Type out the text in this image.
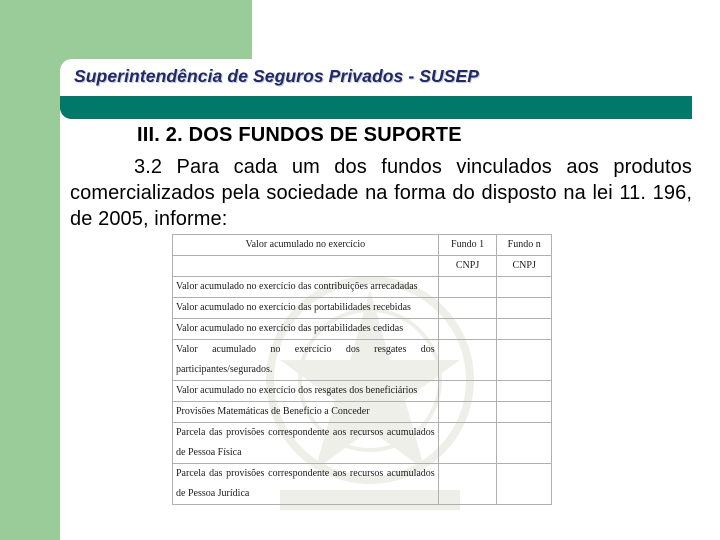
Superintendência de Seguros Privados - SUSEP
III. 2. DOS FUNDOS DE SUPORTE

3.2 Para cada um dos fundos vinculados aos produtos comercializados pela sociedade na forma do disposto na lei 11. 196, de 2005, informe:

Valor acumulado no exercício	Fundo 1	Fundo n
	CNPJ	CNPJ
Valor acumulado no exercício das contribuições arrecadadas		
Valor acumulado no exercício das portabilidades recebidas		
Valor acumulado no exercício das portabilidades cedidas		
Valor acumulado no exercício dos resgates dos participantes/segurados.		
Valor acumulado no exercício dos resgates dos beneficiários		
Provisões Matemáticas de Benefício a Conceder		
Parcela das provisões correspondente aos recursos acumulados de Pessoa Física		
Parcela das provisões correspondente aos recursos acumulados de Pessoa Jurídica		
